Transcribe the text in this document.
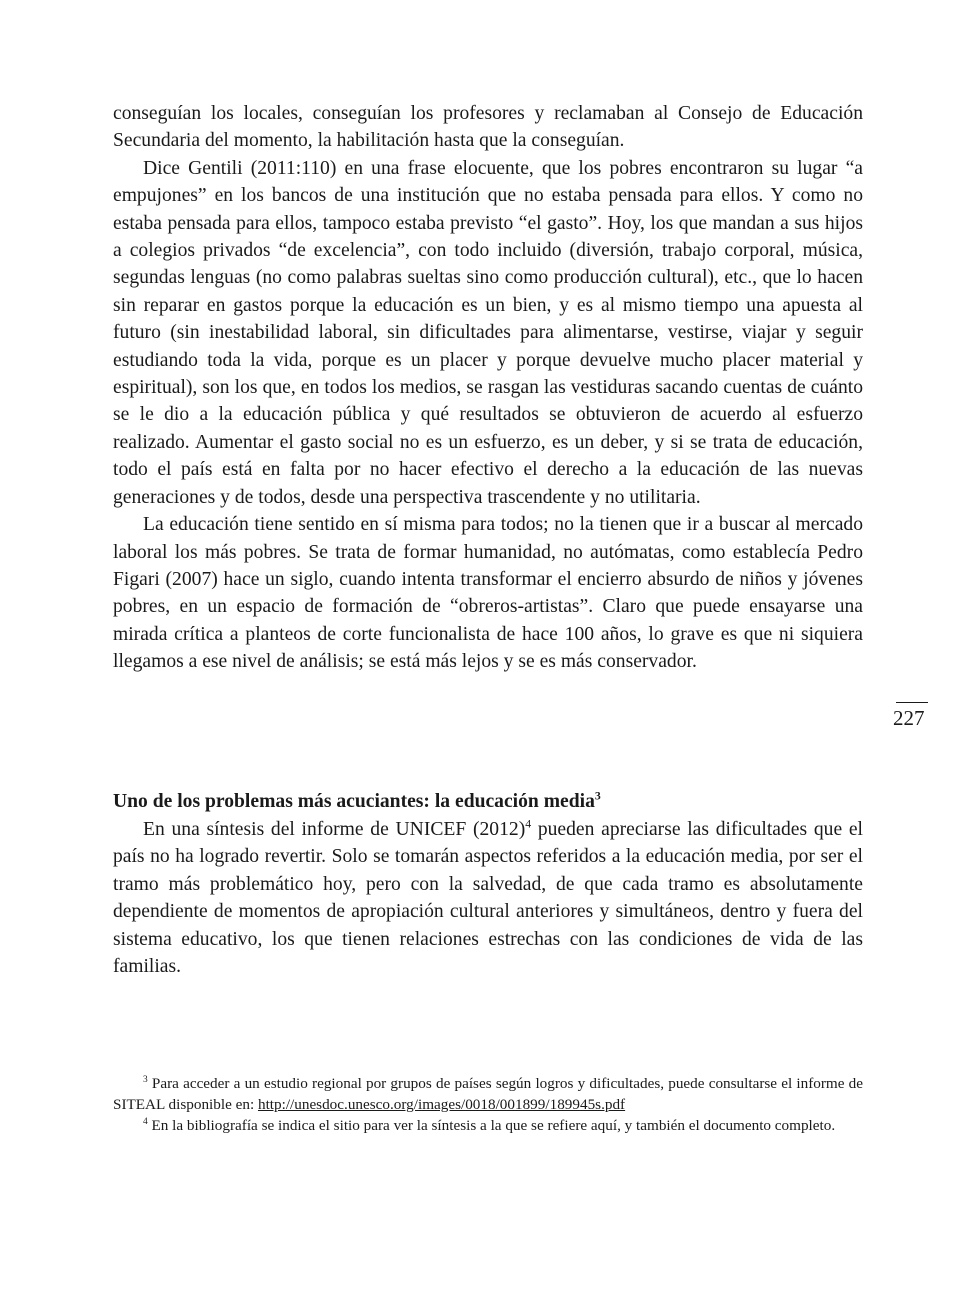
conseguían los locales, conseguían los profesores y reclamaban al Consejo de Educación Secundaria del momento, la habilitación hasta que la conseguían.

Dice Gentili (2011:110) en una frase elocuente, que los pobres encontraron su lugar “a empujones” en los bancos de una institución que no estaba pensada para ellos. Y como no estaba pensada para ellos, tampoco estaba previsto “el gasto”. Hoy, los que mandan a sus hijos a colegios privados “de excelencia”, con todo incluido (diversión, trabajo corporal, música, segundas lenguas (no como palabras sueltas sino como producción cultural), etc., que lo hacen sin reparar en gastos porque la educación es un bien, y es al mismo tiempo una apuesta al futuro (sin inestabilidad laboral, sin dificultades para alimentarse, vestirse, viajar y seguir estudiando toda la vida, porque es un placer y porque devuelve mucho placer material y espiritual), son los que, en todos los medios, se rasgan las vestiduras sacando cuentas de cuánto se le dio a la educación pública y qué resultados se obtuvieron de acuerdo al esfuerzo realizado. Aumentar el gasto social no es un esfuerzo, es un deber, y si se trata de educación, todo el país está en falta por no hacer efectivo el derecho a la educación de las nuevas generaciones y de todos, desde una perspectiva trascendente y no utilitaria.

La educación tiene sentido en sí misma para todos; no la tienen que ir a buscar al mercado laboral los más pobres. Se trata de formar humanidad, no autómatas, como establecía Pedro Figari (2007) hace un siglo, cuando intenta transformar el encierro absurdo de niños y jóvenes pobres, en un espacio de formación de “obreros-artistas”. Claro que puede ensayarse una mirada crítica a planteos de corte funcionalista de hace 100 años, lo grave es que ni siquiera llegamos a ese nivel de análisis; se está más lejos y se es más conservador.

Uno de los problemas más acuciantes: la educación media$^3$

En una síntesis del informe de UNICEF $(2012)^4$ pueden apreciarse las dificultades que el país no ha logrado revertir. Solo se tomarán aspectos referidos a la educación media, por ser el tramo más problemático hoy, pero con la salvedad, de que cada tramo es absolutamente dependiente de momentos de apropiación cultural anteriores y simultáneos, dentro y fuera del sistema educativo, los que tienen relaciones estrechas con las condiciones de vida de las familias.

$^3$ Para acceder a un estudio regional por grupos de países según logros y dificultades, puede consultarse el informe de SITEAL disponible en: http://unesdoc.unesco.org/images/0018/001899/189945s.pdf

$^4$ En la bibliografía se indica el sitio para ver la síntesis a la que se refiere aquí, y también el documento completo.

227
